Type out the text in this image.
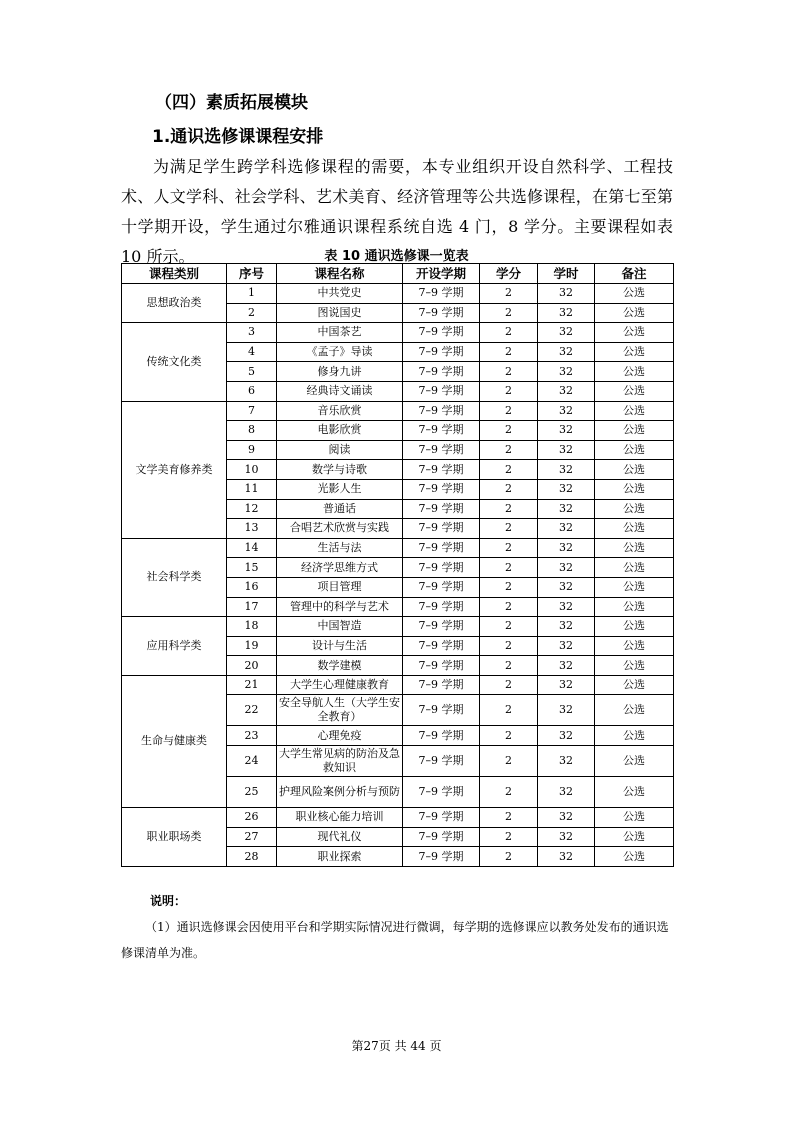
（四）素质拓展模块
1.通识选修课课程安排

为满足学生跨学科选修课程的需要，本专业组织开设自然科学、工程技术、人文学科、社会学科、艺术美育、经济管理等公共选修课程，在第七至第十学期开设，学生通过尔雅通识课程系统自选 4 门，8 学分。主要课程如表 10 所示。	表 10 通识选修课一览表
课程类别	序号	课程名称	开设学期	学分	学时	备注
思想政治类	1	中共党史	7–9 学期	2	32	公选
	2	图说国史	7–9 学期	2	32	公选
传统文化类	3	中国茶艺	7–9 学期	2	32	公选
	4	《孟子》导读	7–9 学期	2	32	公选
	5	修身九讲	7–9 学期	2	32	公选
	6	经典诗文诵读	7–9 学期	2	32	公选
文学美育修养类	7	音乐欣赏	7–9 学期	2	32	公选
	8	电影欣赏	7–9 学期	2	32	公选
	9	阅读	7–9 学期	2	32	公选
	10	数学与诗歌	7–9 学期	2	32	公选
	11	光影人生	7–9 学期	2	32	公选
	12	普通话	7–9 学期	2	32	公选
	13	合唱艺术欣赏与实践	7–9 学期	2	32	公选
社会科学类	14	生活与法	7–9 学期	2	32	公选
	15	经济学思维方式	7–9 学期	2	32	公选
	16	项目管理	7–9 学期	2	32	公选
	17	管理中的科学与艺术	7–9 学期	2	32	公选
应用科学类	18	中国智造	7–9 学期	2	32	公选
	19	设计与生活	7–9 学期	2	32	公选
	20	数学建模	7–9 学期	2	32	公选
生命与健康类	21	大学生心理健康教育	7–9 学期	2	32	公选
	22	安全导航人生（大学生安全教育）	7–9 学期	2	32	公选
	23	心理免疫	7–9 学期	2	32	公选
	24	大学生常见病的防治及急救知识	7–9 学期	2	32	公选
	25	护理风险案例分析与预防	7–9 学期	2	32	公选
职业职场类	26	职业核心能力培训	7–9 学期	2	32	公选
	27	现代礼仪	7–9 学期	2	32	公选
	28	职业探索	7–9 学期	2	32	公选
说明：

（1）通识选修课会因使用平台和学期实际情况进行微调，每学期的选修课应以教务处发布的通识选修课清单为准。

第27页 共 44 页
